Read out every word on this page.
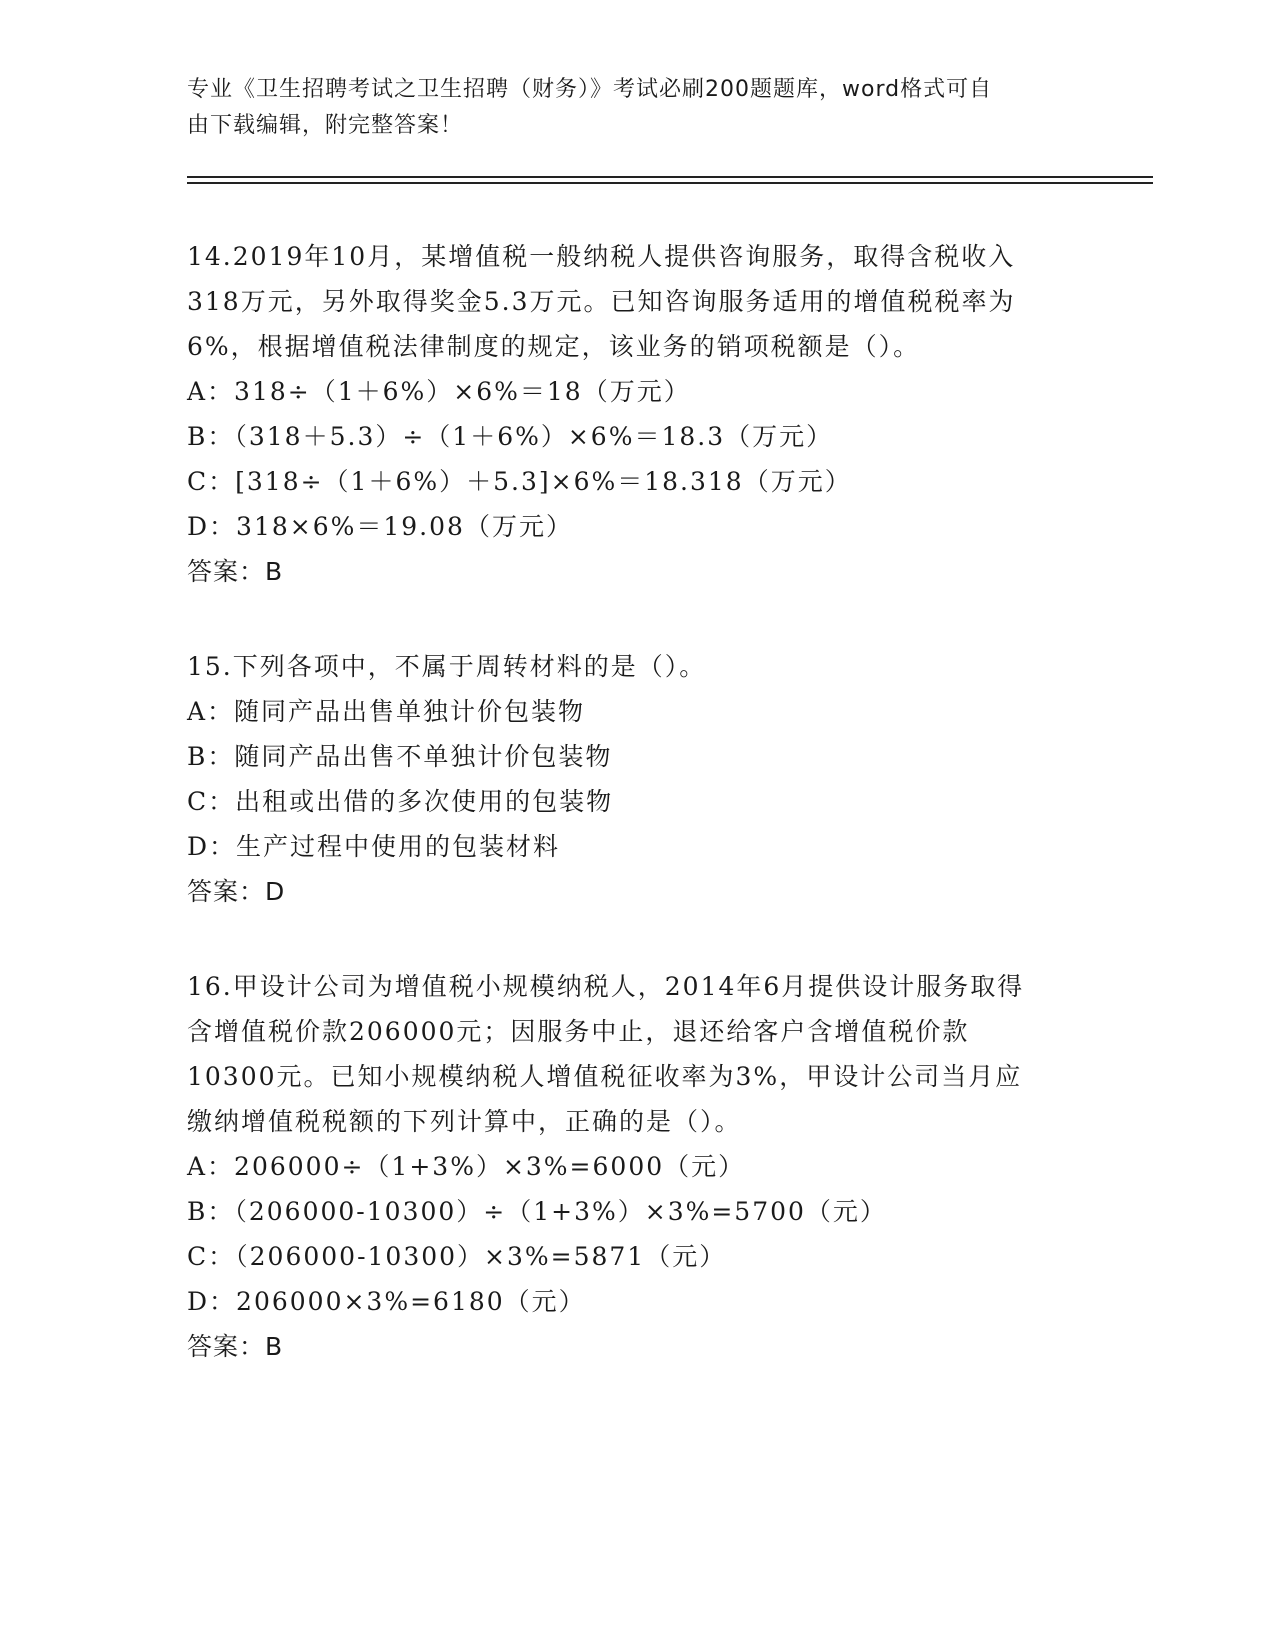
专业《卫生招聘考试之卫生招聘（财务）》考试必刷200题题库，word格式可自
由下载编辑，附完整答案！
14.2019年10月，某增值税一般纳税人提供咨询服务，取得含税收入
318万元，另外取得奖金5.3万元。已知咨询服务适用的增值税税率为
6%，根据增值税法律制度的规定，该业务的销项税额是（）。
A：318÷（1＋6%）×6%＝18（万元）
B：（318＋5.3）÷（1＋6%）×6%＝18.3（万元）
C：[318÷（1＋6%）＋5.3]×6%＝18.318（万元）
D：318×6%＝19.08（万元）
答案：B
15.下列各项中，不属于周转材料的是（）。
A：随同产品出售单独计价包装物
B：随同产品出售不单独计价包装物
C：出租或出借的多次使用的包装物
D：生产过程中使用的包装材料
答案：D
16.甲设计公司为增值税小规模纳税人，2014年6月提供设计服务取得
含增值税价款206000元；因服务中止，退还给客户含增值税价款
10300元。已知小规模纳税人增值税征收率为3%，甲设计公司当月应
缴纳增值税税额的下列计算中，正确的是（）。
A：206000÷（1+3%）×3%=6000（元）
B：（206000-10300）÷（1+3%）×3%=5700（元）
C：（206000-10300）×3%=5871（元）
D：206000×3%=6180（元）
答案：B
